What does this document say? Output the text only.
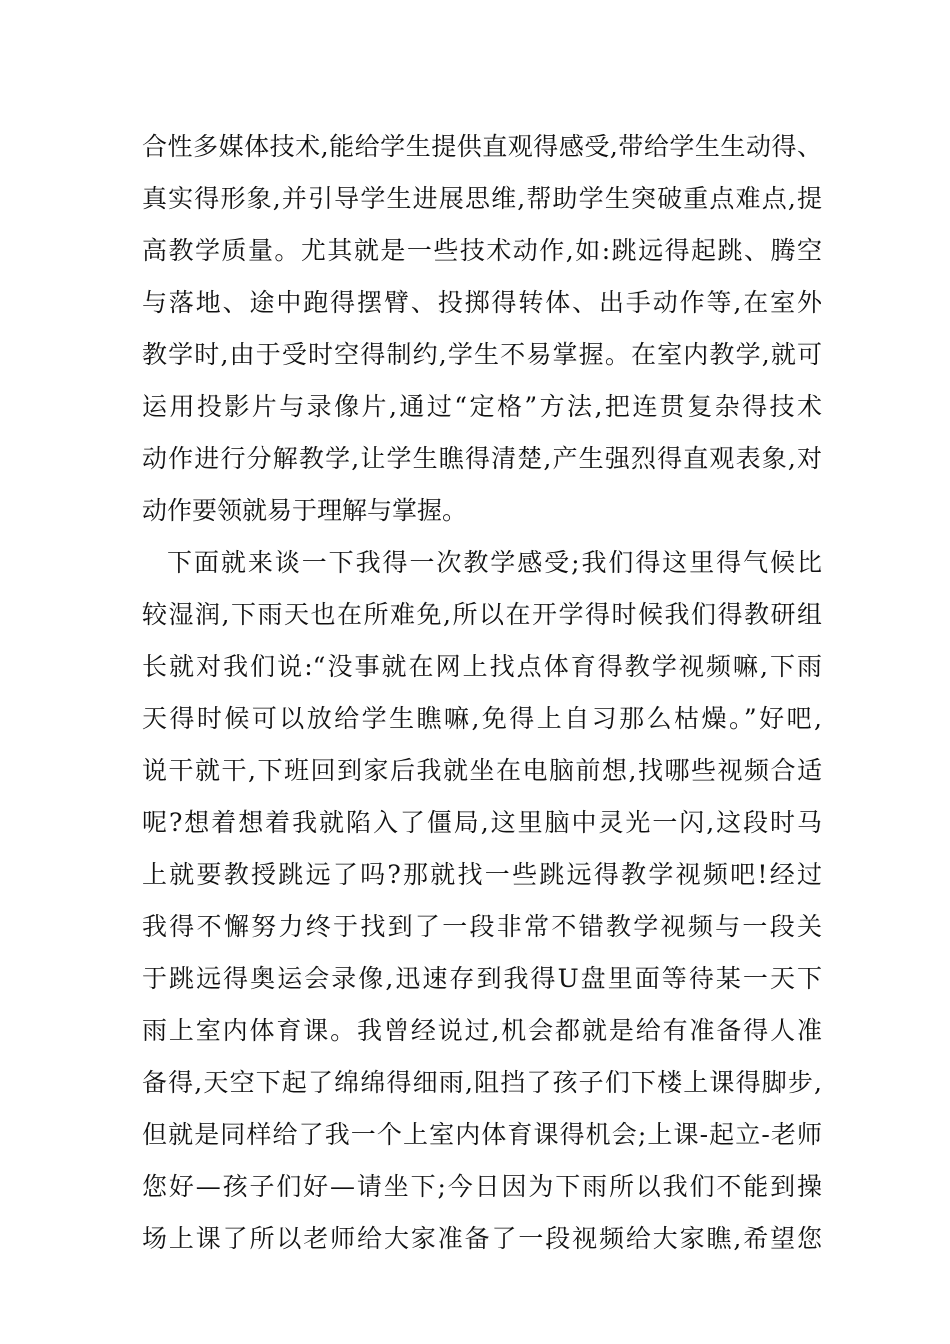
合性多媒体技术,能给学生提供直观得感受,带给学生生动得、
真实得形象,并引导学生进展思维,帮助学生突破重点难点,提
高教学质量。尤其就是一些技术动作,如:跳远得起跳、腾空
与落地、途中跑得摆臂、投掷得转体、出手动作等,在室外
教学时,由于受时空得制约,学生不易掌握。在室内教学,就可
运用投影片与录像片,通过“定格”方法,把连贯复杂得技术
动作进行分解教学,让学生瞧得清楚,产生强烈得直观表象,对
动作要领就易于理解与掌握。
下面就来谈一下我得一次教学感受;我们得这里得气候比
较湿润,下雨天也在所难免,所以在开学得时候我们得教研组
长就对我们说:“没事就在网上找点体育得教学视频嘛,下雨
天得时候可以放给学生瞧嘛,免得上自习那么枯燥。”好吧,
说干就干,下班回到家后我就坐在电脑前想,找哪些视频合适
呢?想着想着我就陷入了僵局,这里脑中灵光一闪,这段时马
上就要教授跳远了吗?那就找一些跳远得教学视频吧!经过
我得不懈努力终于找到了一段非常不错教学视频与一段关
于跳远得奥运会录像,迅速存到我得U盘里面等待某一天下
雨上室内体育课。我曾经说过,机会都就是给有准备得人准
备得,天空下起了绵绵得细雨,阻挡了孩子们下楼上课得脚步,
但就是同样给了我一个上室内体育课得机会;上课-起立-老师
您好—孩子们好—请坐下;今日因为下雨所以我们不能到操
场上课了所以老师给大家准备了一段视频给大家瞧,希望您
